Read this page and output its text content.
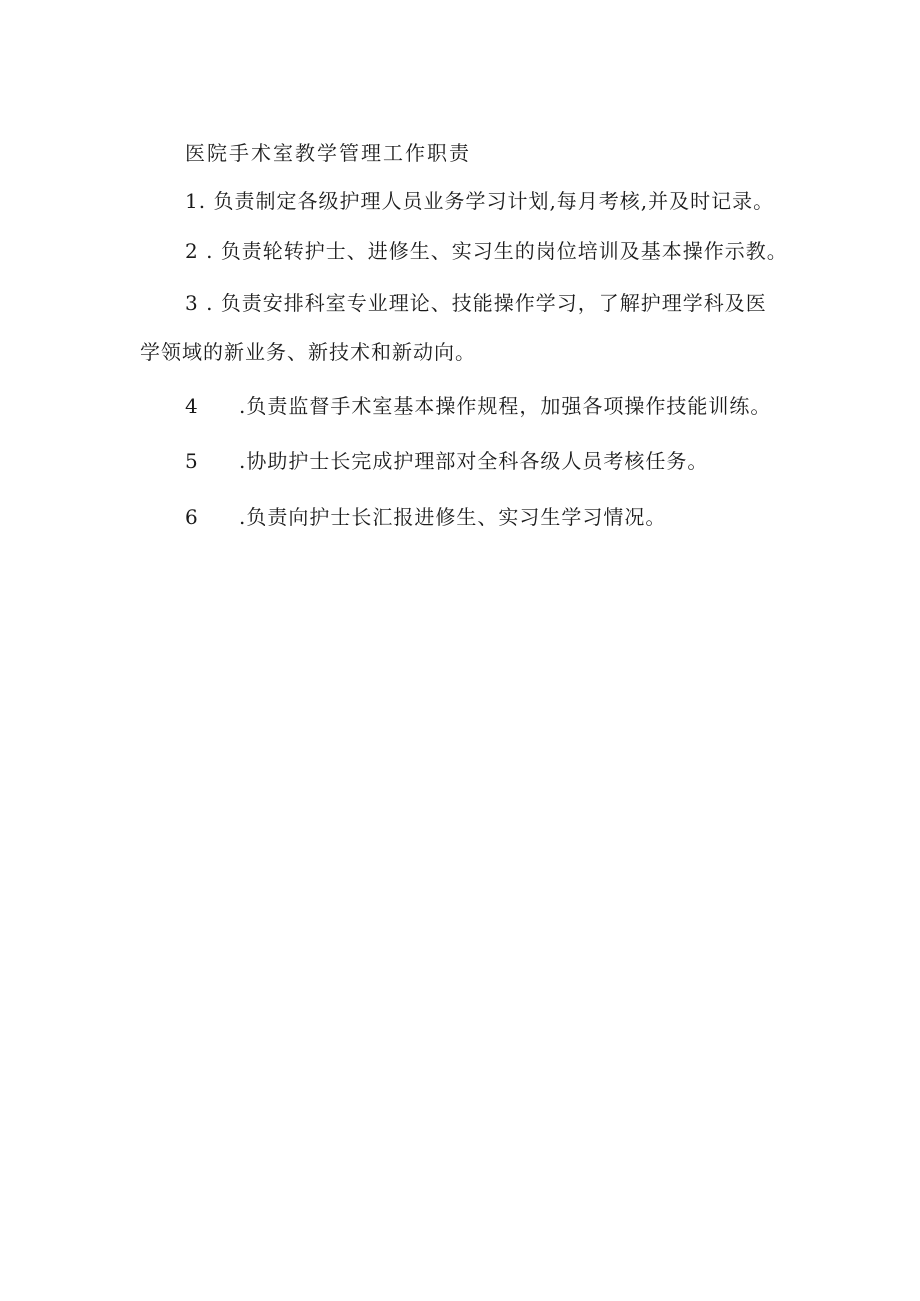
医院手术室教学管理工作职责
1. 负责制定各级护理人员业务学习计划,每月考核,并及时记录。
2 . 负责轮转护士、进修生、实习生的岗位培训及基本操作示教。
3 . 负责安排科室专业理论、技能操作学习，了解护理学科及医
学领域的新业务、新技术和新动向。
4 .负责监督手术室基本操作规程，加强各项操作技能训练。
5 .协助护士长完成护理部对全科各级人员考核任务。
6 .负责向护士长汇报进修生、实习生学习情况。
